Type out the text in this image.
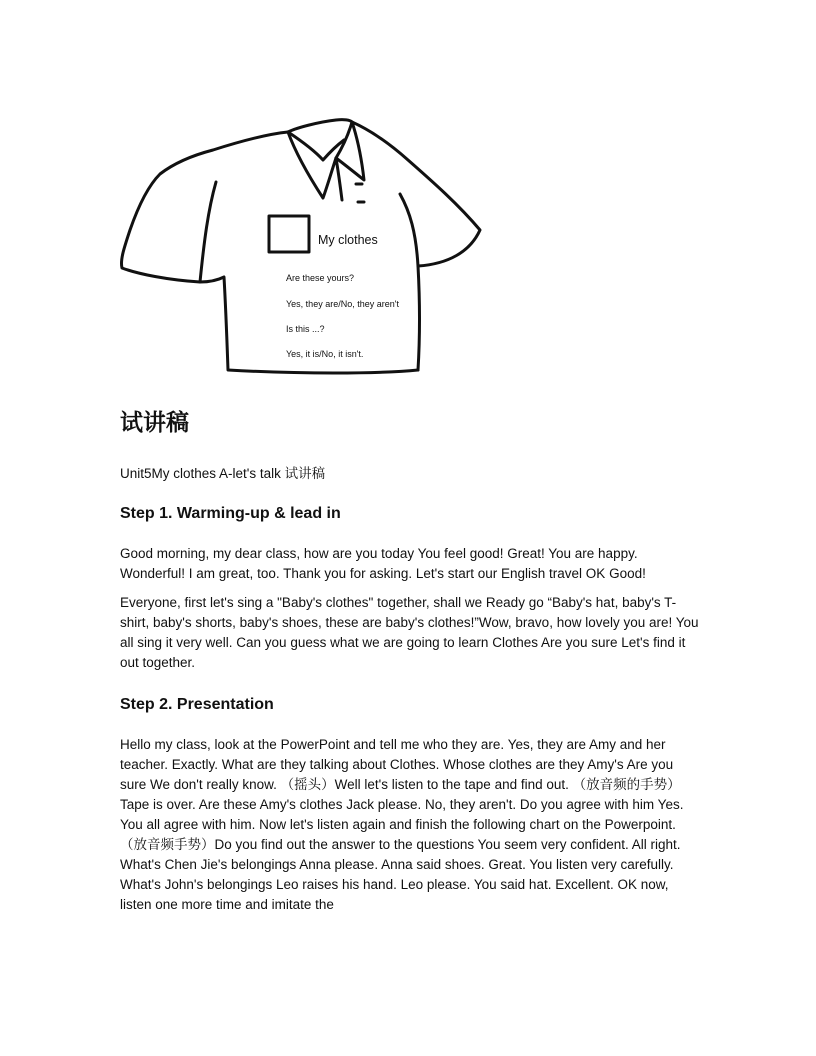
My clothes
Are these yours?
Yes, they are/No, they aren't
Is this ...?
Yes, it is/No, it isn't.
试讲稿

Unit5My clothes A-let's talk 试讲稿

Step 1. Warming-up & lead in

Good morning, my dear class, how are you today You feel good! Great! You are happy. Wonderful! I am great, too. Thank you for asking. Let's start our English travel OK Good!

Everyone, first let's sing a "Baby's clothes" together, shall we Ready go “Baby's hat, baby's T-shirt, baby's shorts, baby's shoes, these are baby's clothes!”Wow, bravo, how lovely you are! You all sing it very well. Can you guess what we are going to learn Clothes Are you sure Let's find it out together.

Step 2. Presentation

Hello my class, look at the PowerPoint and tell me who they are. Yes, they are Amy and her teacher. Exactly. What are they talking about Clothes. Whose clothes are they Amy's Are you sure We don't really know. （摇头）Well let's listen to the tape and find out. （放音频的手势）Tape is over. Are these Amy's clothes Jack please. No, they aren't. Do you agree with him Yes. You all agree with him. Now let's listen again and finish the following chart on the Powerpoint. （放音频手势）Do you find out the answer to the questions You seem very confident. All right. What's Chen Jie's belongings Anna please. Anna said shoes. Great. You listen very carefully. What's John's belongings Leo raises his hand. Leo please. You said hat. Excellent. OK now, listen one more time and imitate the
